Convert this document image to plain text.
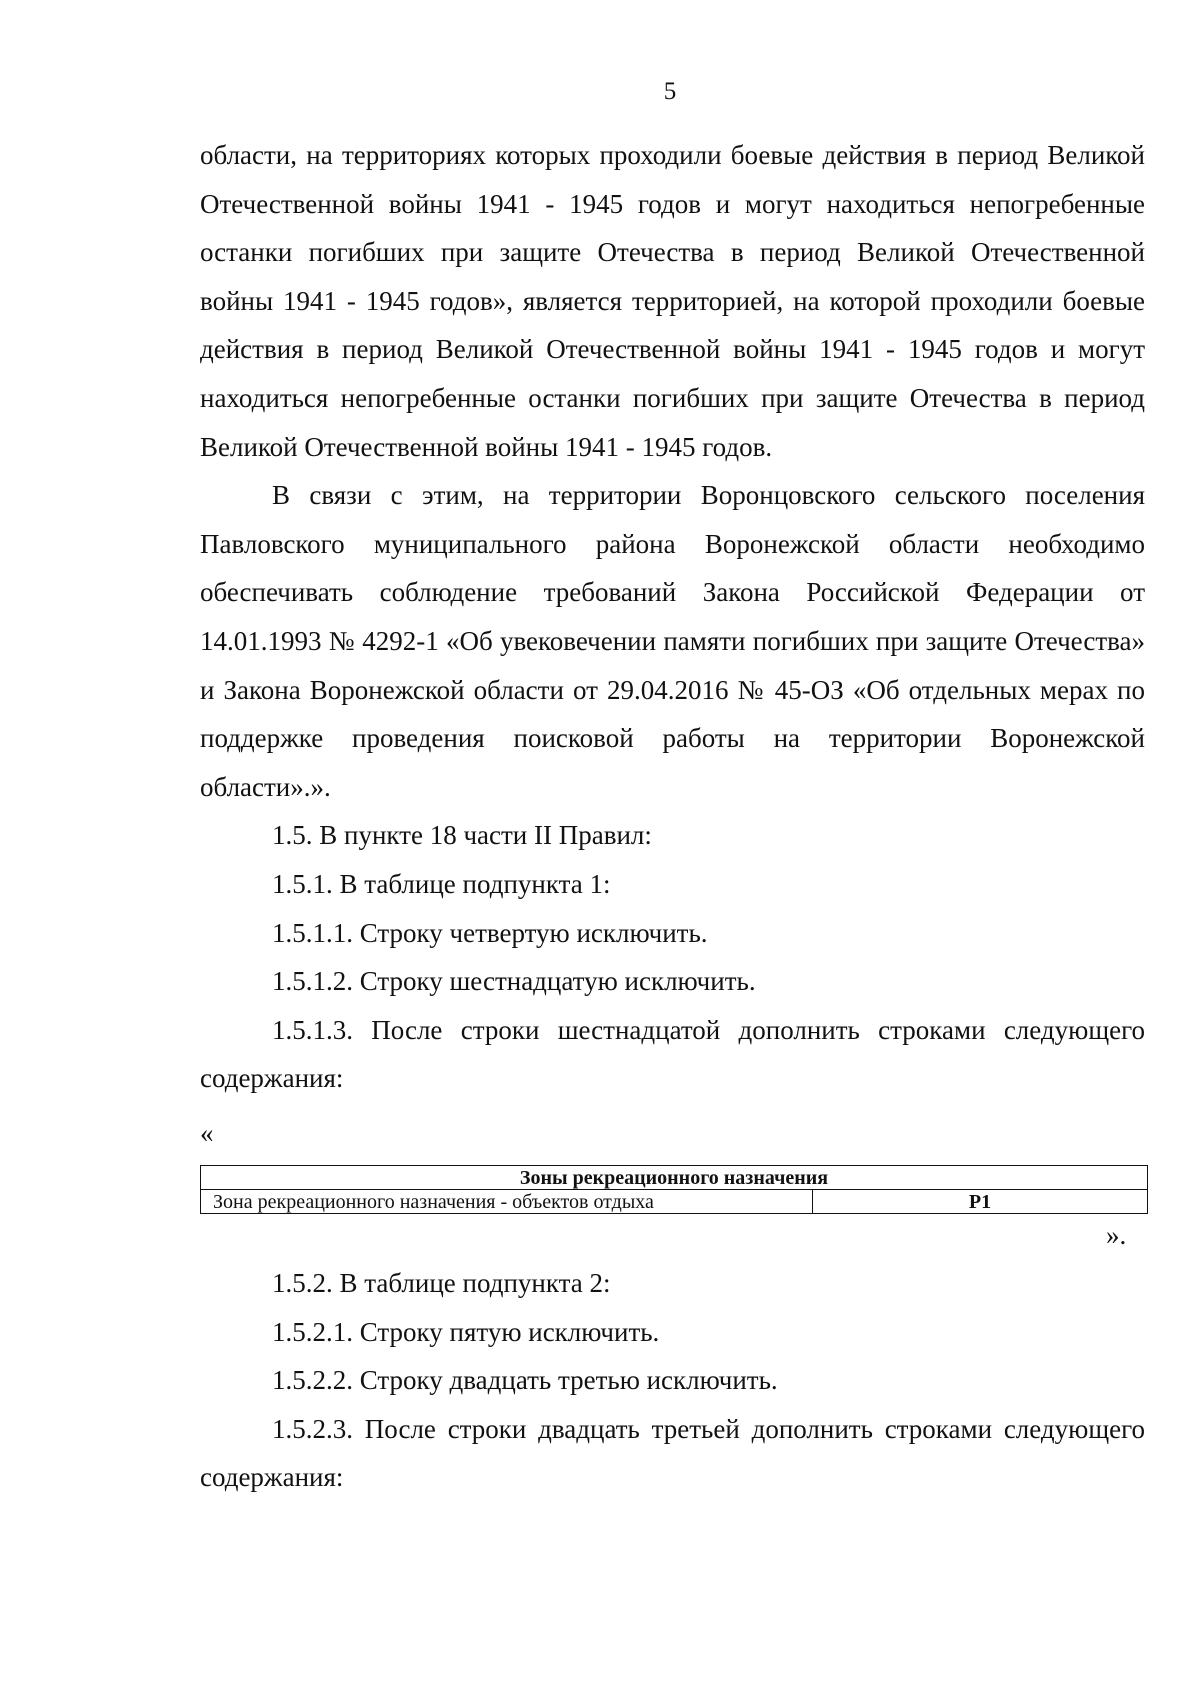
5

области, на территориях которых проходили боевые действия в период Великой Отечественной войны 1941 - 1945 годов и могут находиться непогребенные останки погибших при защите Отечества в период Великой Отечественной войны 1941 - 1945 годов», является территорией, на которой проходили боевые действия в период Великой Отечественной войны 1941 - 1945 годов и могут находиться непогребенные останки погибших при защите Отечества в период Великой Отечественной войны 1941 - 1945 годов.

В связи с этим, на территории Воронцовского сельского поселения Павловского муниципального района Воронежской области необходимо обеспечивать соблюдение требований Закона Российской Федерации от 14.01.1993 № 4292-1 «Об увековечении памяти погибших при защите Отечества» и Закона Воронежской области от 29.04.2016 № 45-ОЗ «Об отдельных мерах по поддержке проведения поисковой работы на территории Воронежской области».».

1.5. В пункте 18 части II Правил:

1.5.1. В таблице подпункта 1:

1.5.1.1. Строку четвертую исключить.

1.5.1.2. Строку шестнадцатую исключить.

1.5.1.3. После строки шестнадцатой дополнить строками следующего содержания:

«
Зоны рекреационного назначения
Зона рекреационного назначения - объектов отдыха	Р1
».

1.5.2. В таблице подпункта 2:

1.5.2.1. Строку пятую исключить.

1.5.2.2. Строку двадцать третью исключить.

1.5.2.3. После строки двадцать третьей дополнить строками следующего содержания:
